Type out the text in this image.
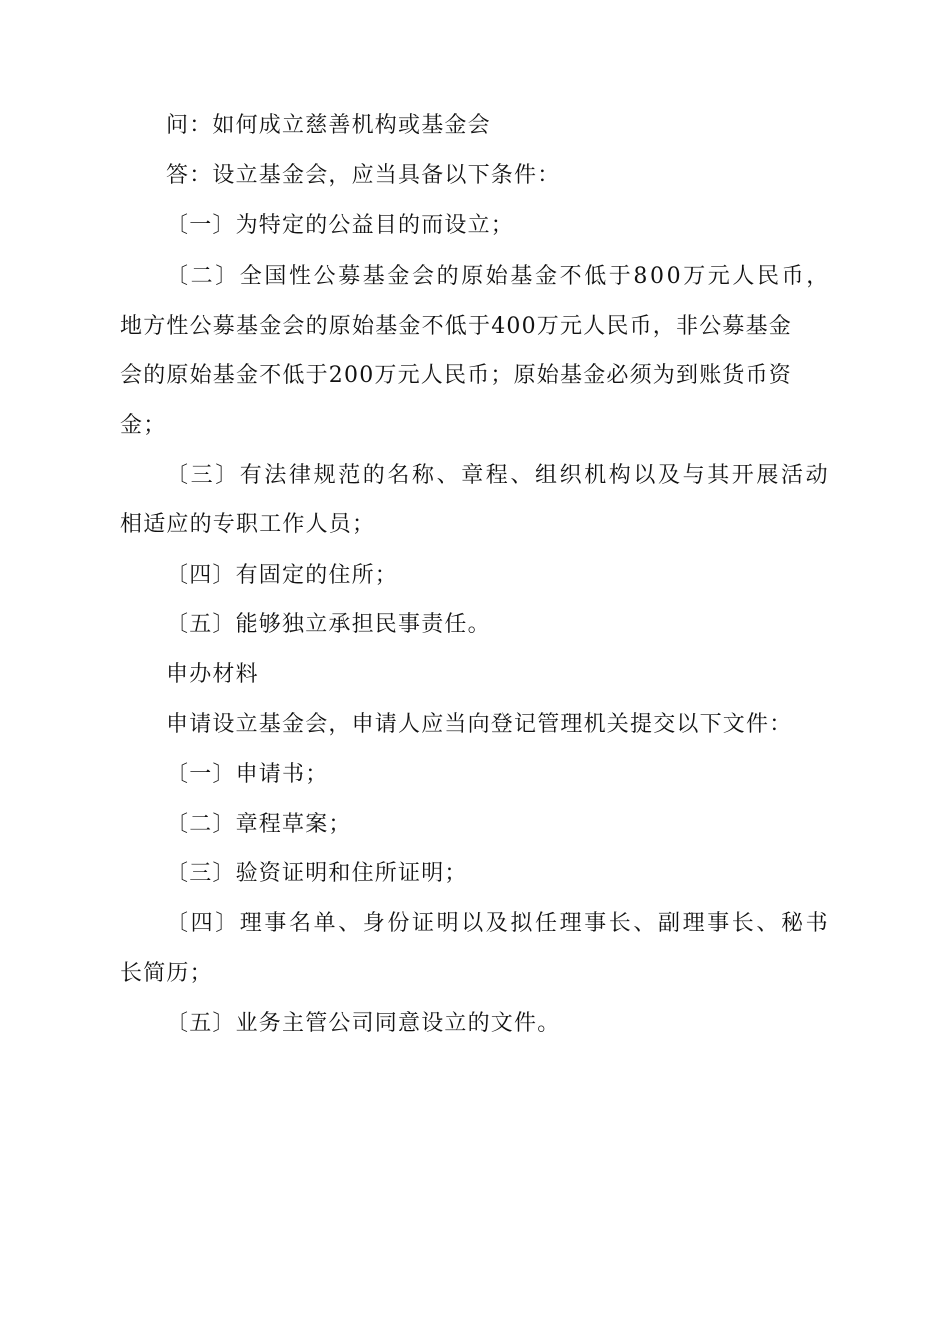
问：如何成立慈善机构或基金会
答：设立基金会，应当具备以下条件：
〔一〕为特定的公益目的而设立；
〔二〕全国性公募基金会的原始基金不低于800万元人民币，
地方性公募基金会的原始基金不低于400万元人民币，非公募基金
会的原始基金不低于200万元人民币；原始基金必须为到账货币资
金；
〔三〕有法律规范的名称、章程、组织机构以及与其开展活动
相适应的专职工作人员；
〔四〕有固定的住所；
〔五〕能够独立承担民事责任。
申办材料
申请设立基金会，申请人应当向登记管理机关提交以下文件：
〔一〕申请书；
〔二〕章程草案；
〔三〕验资证明和住所证明；
〔四〕理事名单、身份证明以及拟任理事长、副理事长、秘书
长简历；
〔五〕业务主管公司同意设立的文件。
